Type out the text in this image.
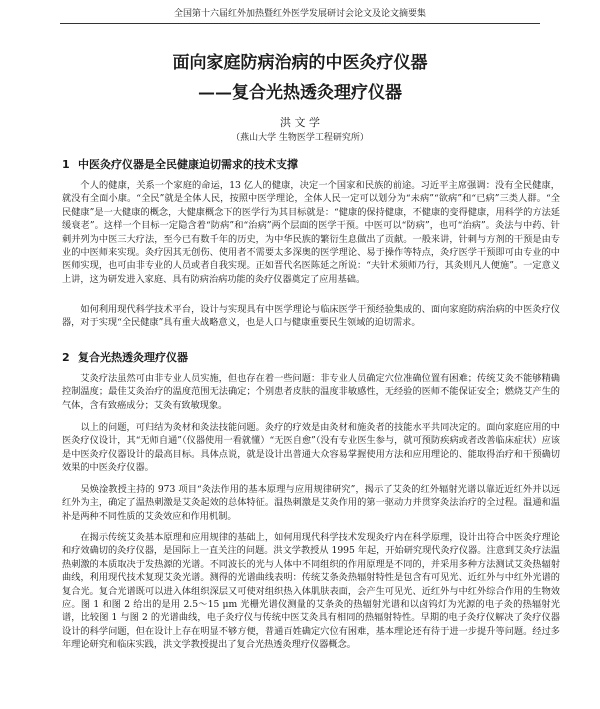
全国第十六届红外加热暨红外医学发展研讨会论文及论文摘要集
面向家庭防病治病的中医灸疗仪器
——复合光热透灸理疗仪器
洪 文 学
（燕山大学 生物医学工程研究所）
1 中医灸疗仪器是全民健康迫切需求的技术支撑

个人的健康，关系一个家庭的命运，13 亿人的健康，决定一个国家和民族的前途。习近平主席强调：没有全民健康，就没有全面小康。“全民”就是全体人民，按照中医学理论，全体人民一定可以划分为“未病”“欲病”和“已病”三类人群。“全民健康”是一大健康的概念，大健康概念下的医学行为其目标就是：“健康的保持健康，不健康的变得健康，用科学的方法延缓衰老”。这样一个目标一定隐含着“防病”和“治病”两个层面的医学干预。中医可以“防病”，也可“治病”。灸法与中药、针刺并列为中医三大疗法，至今已有数千年的历史，为中华民族的繁衍生息做出了贡献。一般来讲，针刺与方剂的干预是由专业的中医师来实现。灸疗因其无创伤、使用者不需要太多深奥的医学理论、易于操作等特点，灸疗医学干预即可由专业的中医师实现，也可由非专业的人员或者自我实现。正如晋代名医陈延之所说：“夫针术须师乃行，其灸则凡人便施”。一定意义上讲，这为研发进入家庭、具有防病治病功能的灸疗仪器奠定了应用基础。

如何利用现代科学技术平台，设计与实现具有中医学理论与临床医学干预经验集成的、面向家庭防病治病的中医灸疗仪器，对于实现“全民健康”具有重大战略意义，也是人口与健康重要民生领域的迫切需求。

2 复合光热透灸理疗仪器

艾灸疗法虽然可由非专业人员实施，但也存在着一些问题：非专业人员确定穴位准确位置有困难；传统艾灸不能够精确控制温度；最佳艾灸治疗的温度范围无法确定；个别患者皮肤的温度非敏感性，无经验的医师不能保证安全；燃烧艾产生的气体，含有致癌成分；艾灸有致敏现象。

以上的问题，可归结为灸材和灸法技能问题。灸疗的疗效是由灸材和施灸者的技能水平共同决定的。面向家庭应用的中医灸疗仪设计，其“无师自通”（仪器使用一看就懂）“无医自愈”（没有专业医生参与，就可预防疾病或者改善临床症状）应该是中医灸疗仪器设计的最高目标。具体点说，就是设计出普通大众容易掌握使用方法和应用理论的、能取得治疗和干预确切效果的中医灸疗仪器。

吴焕淦教授主持的 973 项目“灸法作用的基本原理与应用规律研究”，揭示了艾灸的红外辐射光谱以靠近近红外并以远红外为主，确定了温热刺激是艾灸起效的总体特征。温热刺激是艾灸作用的第一驱动力并贯穿灸法治疗的全过程。温通和温补是两种不同性质的艾灸效应和作用机制。

在揭示传统艾灸基本原理和应用规律的基础上，如何用现代科学技术发现灸疗内在科学原理，设计出符合中医灸疗理论和疗效确切的灸疗仪器，是国际上一直关注的问题。洪文学教授从 1995 年起，开始研究现代灸疗仪器。注意到艾灸疗法温热刺激的本质取决于发热源的光谱。不同波长的光与人体中不同组织的作用原理是不同的，并采用多种方法测试艾灸热辐射曲线，利用现代技术复现艾灸光谱。测得的光谱曲线表明：传统艾条灸热辐射特性是包含有可见光、近红外与中红外光谱的复合光。复合光谱既可以进入体组织深层又可使对组织热入体肌肤表面，会产生可见光、近红外与中红外综合作用的生物效应。图 1 和图 2 给出的是用 2.5～15 μm 光栅光谱仪测量的艾条灸的热辐射光谱和以卤钨灯为光源的电子灸的热辐射光谱，比较图 1 与图 2 的光谱曲线，电子灸疗仪与传统中医艾灸具有相同的热辐射特性。早期的电子灸疗仪解决了灸疗仪器设计的科学问题，但在设计上存在明显不够方便，普通百姓确定穴位有困难，基本理论还有待于进一步提升等问题。经过多年理论研究和临床实践，洪文学教授提出了复合光热透灸理疗仪器概念。
